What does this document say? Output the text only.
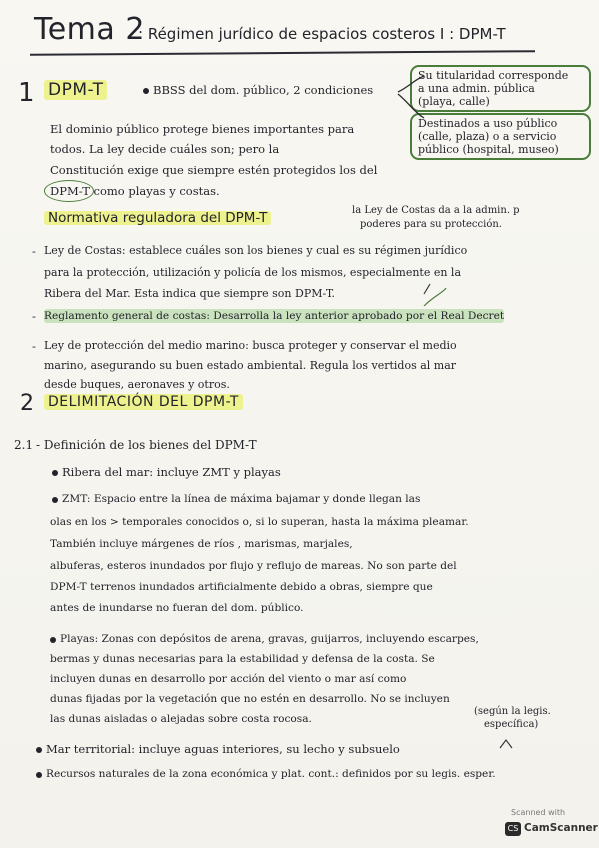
Tema 2
: Régimen jurídico de espacios costeros I : DPM-T
1 DPM-T	BBSS del dom. público, 2 condiciones
Su titularidad corresponde
a una admin. pública
(playa, calle)
Destinados a uso público
(calle, plaza) o a servicio
público (hospital, museo)
El dominio público protege bienes importantes para
todos. La ley decide cuáles son; pero la
Constitución exige que siempre estén protegidos los del
DPM-T como playas y costas.
Normativa reguladora del DPM-T	la Ley de Costas da a la admin. p
poderes para su protección.
- Ley de Costas: establece cuáles son los bienes y cual es su régimen jurídico
para la protección, utilización y policía de los mismos, especialmente en la
Ribera del Mar. Esta indica que siempre son DPM-T.
- Reglamento general de costas: Desarrolla la ley anterior aprobado por el Real Decret
- Ley de protección del medio marino: busca proteger y conservar el medio
marino, asegurando su buen estado ambiental. Regula los vertidos al mar
desde buques, aeronaves y otros.
2 DELIMITACIÓN DEL DPM-T
2.1 - Definición de los bienes del DPM-T
Ribera del mar: incluye ZMT y playas
ZMT: Espacio entre la línea de máxima bajamar y donde llegan las
olas en los > temporales conocidos o, si lo superan, hasta la máxima pleamar.
También incluye márgenes de ríos , marismas, marjales,
albuferas, esteros inundados por flujo y reflujo de mareas. No son parte del
DPM-T terrenos inundados artificialmente debido a obras, siempre que
antes de inundarse no fueran del dom. público.
Playas: Zonas con depósitos de arena, gravas, guijarros, incluyendo escarpes,
bermas y dunas necesarias para la estabilidad y defensa de la costa. Se
incluyen dunas en desarrollo por acción del viento o mar así como
dunas fijadas por la vegetación que no estén en desarrollo. No se incluyen
las dunas aisladas o alejadas sobre costa rocosa.
(según la legis.
específica)
Mar territorial: incluye aguas interiores, su lecho y subsuelo
Recursos naturales de la zona económica y plat. cont.: definidos por su legis. esper.
Scanned with
CS CamScanner
